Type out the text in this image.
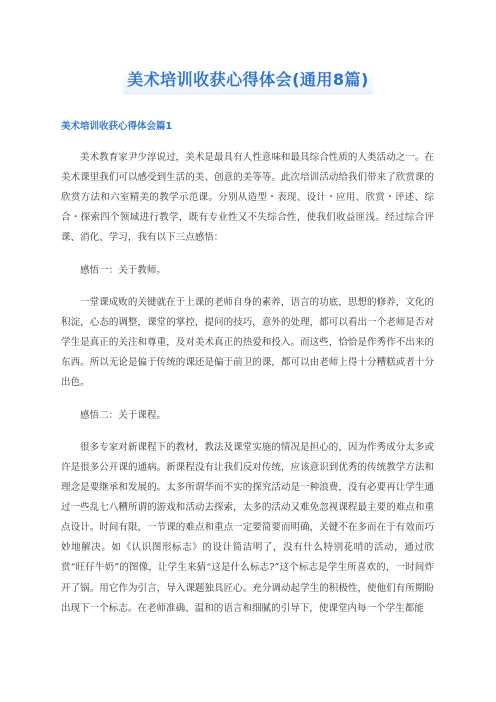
美术培训收获心得体会(通用8篇)
美术培训收获心得体会篇1

美术教育家尹少淳说过，美术是最具有人性意味和最具综合性质的人类活动之一。在美术课里我们可以感受到生活的美、创意的美等等。此次培训活动给我们带来了欣赏课的欣赏方法和六室精美的教学示范课。分别从造型・表现、设计・应用、欣赏・评述、综合・探索四个领域进行教学，既有专业性又不失综合性，使我们收益匪浅。经过综合评课、消化、学习，我有以下三点感悟：

感悟一：关于教师。

一堂课成败的关键就在于上课的老师自身的素养，语言的功底，思想的修养，文化的积淀，心态的调整，课堂的掌控，提问的技巧，意外的处理，都可以看出一个老师是否对学生是真正的关注和尊重，及对美术真正的热爱和投入。而这些，恰恰是作秀作不出来的东西。所以无论是偏于传统的课还是偏于前卫的课，都可以由老师上得十分糟糕或者十分出色。

感悟二：关于课程。

很多专家对新课程下的教材，教法及课堂实施的情况是担心的，因为作秀成分太多或许是很多公开课的通病。新课程没有让我们反对传统，应该意识到优秀的传统教学方法和理念是要继承和发展的。太多所谓华而不实的探究活动是一种浪费，没有必要再让学生通过一些乱七八糟所谓的游戏和活动去探索，太多的活动又难免忽视课程最主要的难点和重点设计。时间有限，一节课的难点和重点一定要简要而明确，关键不在多而在于有效而巧妙地解决。如《认识图形标志》的设计简洁明了，没有什么特别花哨的活动，通过欣赏“旺仔牛奶”的图像，让学生来猜“这是什么标志?”这个标志是学生所喜欢的，一时间炸开了锅。用它作为引言，导入课题独具匠心。充分调动起学生的积极性，使他们有所期盼出现下一个标志。在老师准确、温和的语言和细腻的引导下，使课堂内每一个学生都能
